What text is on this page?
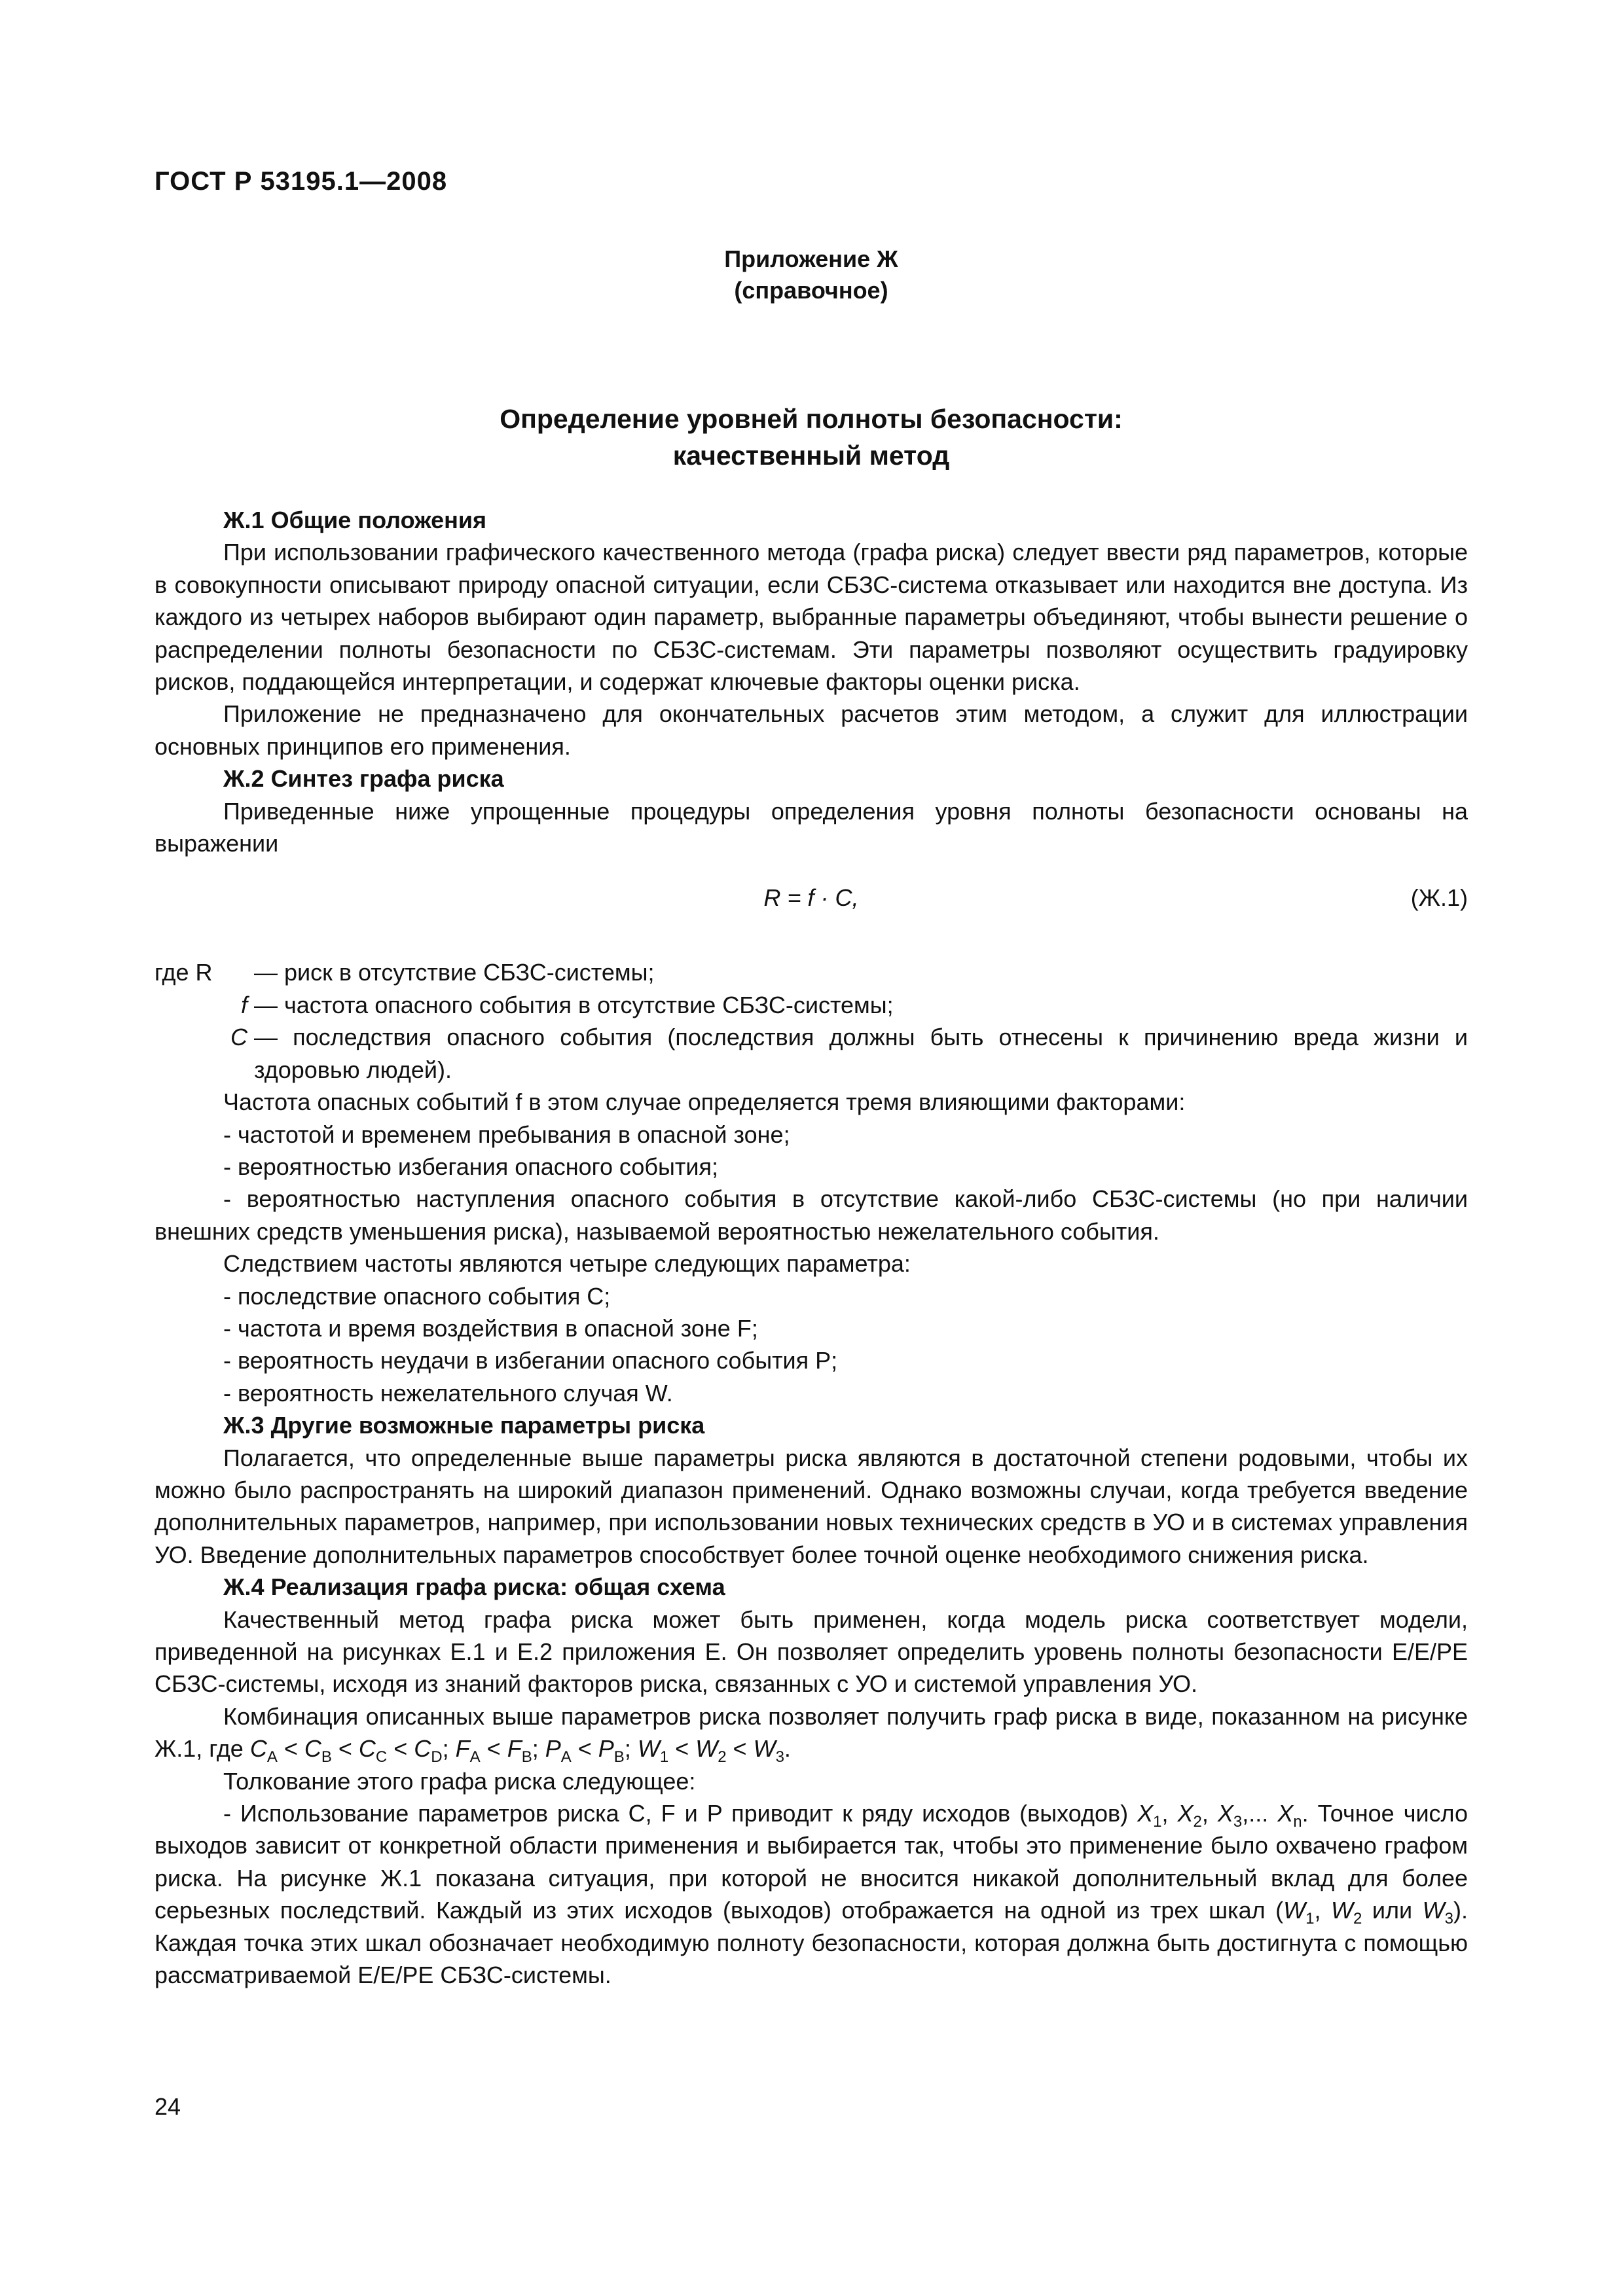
ГОСТ Р 53195.1—2008
Приложение Ж
(справочное)
Определение уровней полноты безопасности:
качественный метод

Ж.1 Общие положения

При использовании графического качественного метода (графа риска) следует ввести ряд параметров, которые в совокупности описывают природу опасной ситуации, если СБЗС-система отказывает или находится вне доступа. Из каждого из четырех наборов выбирают один параметр, выбранные параметры объединяют, чтобы вынести решение о распределении полноты безопасности по СБЗС-системам. Эти параметры позволяют осуществить градуировку рисков, поддающейся интерпретации, и содержат ключевые факторы оценки риска.

Приложение не предназначено для окончательных расчетов этим методом, а служит для иллюстрации основных принципов его применения.

Ж.2 Синтез графа риска

Приведенные ниже упрощенные процедуры определения уровня полноты безопасности основаны на выражении

R = f · C,	(Ж.1)
где R	— риск в отсутствие СБЗС-системы;

f — частота опасного события в отсутствие СБЗС-системы;

C — последствия опасного события (последствия должны быть отнесены к причинению вреда жизни и здоровью людей).

Частота опасных событий f в этом случае определяется тремя влияющими факторами:

- частотой и временем пребывания в опасной зоне;

- вероятностью избегания опасного события;

- вероятностью наступления опасного события в отсутствие какой-либо СБЗС-системы (но при наличии внешних средств уменьшения риска), называемой вероятностью нежелательного события.

Следствием частоты являются четыре следующих параметра:

- последствие опасного события C;

- частота и время воздействия в опасной зоне F;

- вероятность неудачи в избегании опасного события P;

- вероятность нежелательного случая W.

Ж.3 Другие возможные параметры риска

Полагается, что определенные выше параметры риска являются в достаточной степени родовыми, чтобы их можно было распространять на широкий диапазон применений. Однако возможны случаи, когда требуется введение дополнительных параметров, например, при использовании новых технических средств в УО и в системах управления УО. Введение дополнительных параметров способствует более точной оценке необходимого снижения риска.

Ж.4 Реализация графа риска: общая схема

Качественный метод графа риска может быть применен, когда модель риска соответствует модели, приведенной на рисунках Е.1 и Е.2 приложения Е. Он позволяет определить уровень полноты безопасности Е/Е/РЕ СБЗС-системы, исходя из знаний факторов риска, связанных с УО и системой управления УО.

Комбинация описанных выше параметров риска позволяет получить граф риска в виде, показанном на рисунке Ж.1, где $C_A < C_B < C_C < C_D$; $F_A < F_B$; $P_A < P_B$; $W_1 < W_2 < W_3$.

Толкование этого графа риска следующее:

- Использование параметров риска C, F и P приводит к ряду исходов (выходов) $X_1$, $X_2$, $X_3$,... $X_n$. Точное число выходов зависит от конкретной области применения и выбирается так, чтобы это применение было охвачено графом риска. На рисунке Ж.1 показана ситуация, при которой не вносится никакой дополнительный вклад для более серьезных последствий. Каждый из этих исходов (выходов) отображается на одной из трех шкал ($W_1$, $W_2$ или $W_3$). Каждая точка этих шкал обозначает необходимую полноту безопасности, которая должна быть достигнута с помощью рассматриваемой Е/Е/РЕ СБЗС-системы.

24
